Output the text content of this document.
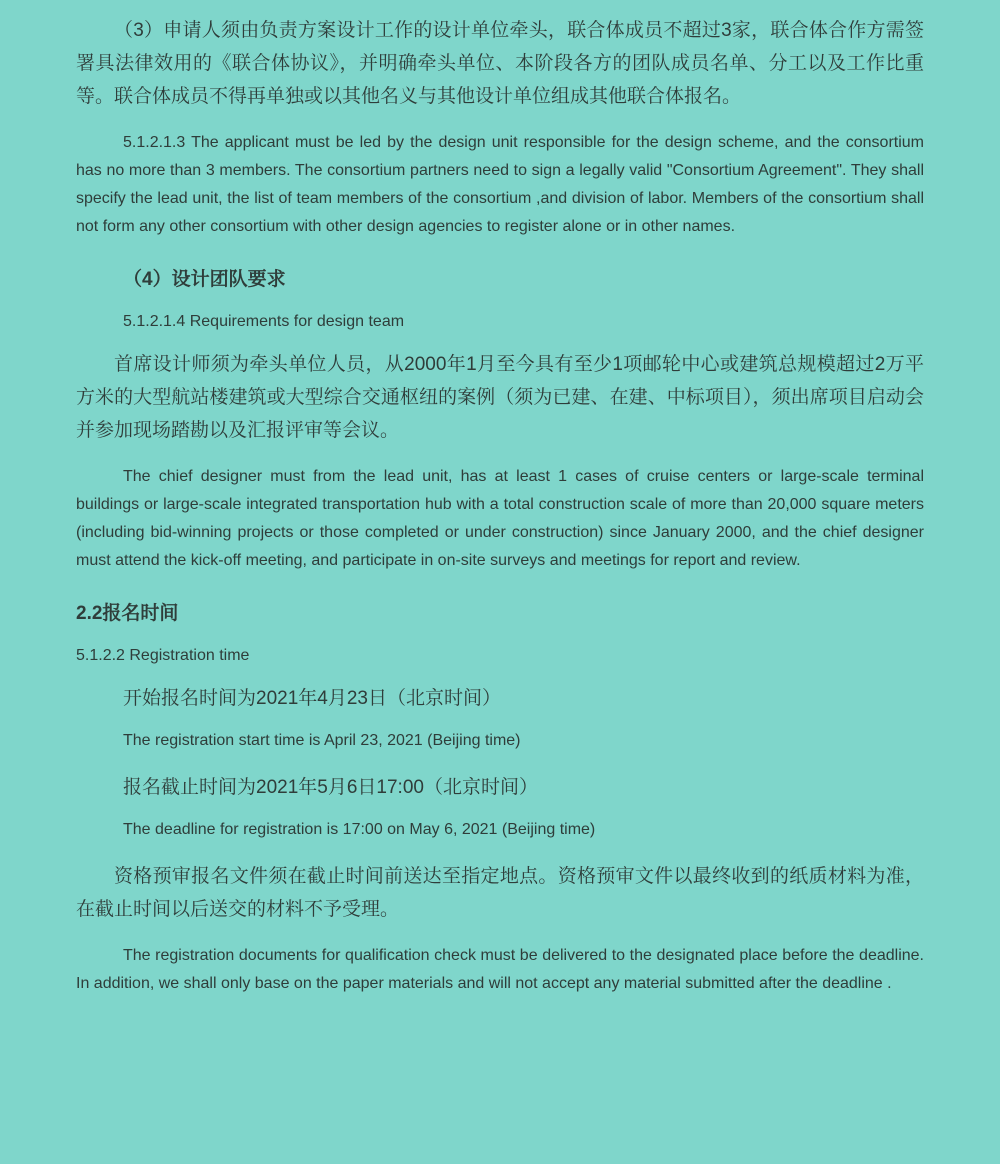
（3）申请人须由负责方案设计工作的设计单位牵头，联合体成员不超过3家，联合体合作方需签署具法律效用的《联合体协议》，并明确牵头单位、本阶段各方的团队成员名单、分工以及工作比重等。联合体成员不得再单独或以其他名义与其他设计单位组成其他联合体报名。

5.1.2.1.3 The applicant must be led by the design unit responsible for the design scheme, and the consortium has no more than 3 members. The consortium partners need to sign a legally valid "Consortium Agreement". They shall specify the lead unit, the list of team members of the consortium ,and division of labor. Members of the consortium shall not form any other consortium with other design agencies to register alone or in other names.

（4）设计团队要求

5.1.2.1.4 Requirements for design team

首席设计师须为牵头单位人员，从2000年1月至今具有至少1项邮轮中心或建筑总规模超过2万平方米的大型航站楼建筑或大型综合交通枢纽的案例（须为已建、在建、中标项目），须出席项目启动会并参加现场踏勘以及汇报评审等会议。

The chief designer must from the lead unit, has at least 1 cases of cruise centers or large-scale terminal buildings or large-scale integrated transportation hub with a total construction scale of more than 20,000 square meters (including bid-winning projects or those completed or under construction) since January 2000, and the chief designer must attend the kick-off meeting, and participate in on-site surveys and meetings for report and review.

2.2报名时间

5.1.2.2 Registration time

开始报名时间为2021年4月23日（北京时间）

The registration start time is April 23, 2021 (Beijing time)

报名截止时间为2021年5月6日17:00（北京时间）

The deadline for registration is 17:00 on May 6, 2021 (Beijing time)

资格预审报名文件须在截止时间前送达至指定地点。资格预审文件以最终收到的纸质材料为准，在截止时间以后送交的材料不予受理。

The registration documents for qualification check must be delivered to the designated place before the deadline. In addition, we shall only base on the paper materials and will not accept any material submitted after the deadline .
